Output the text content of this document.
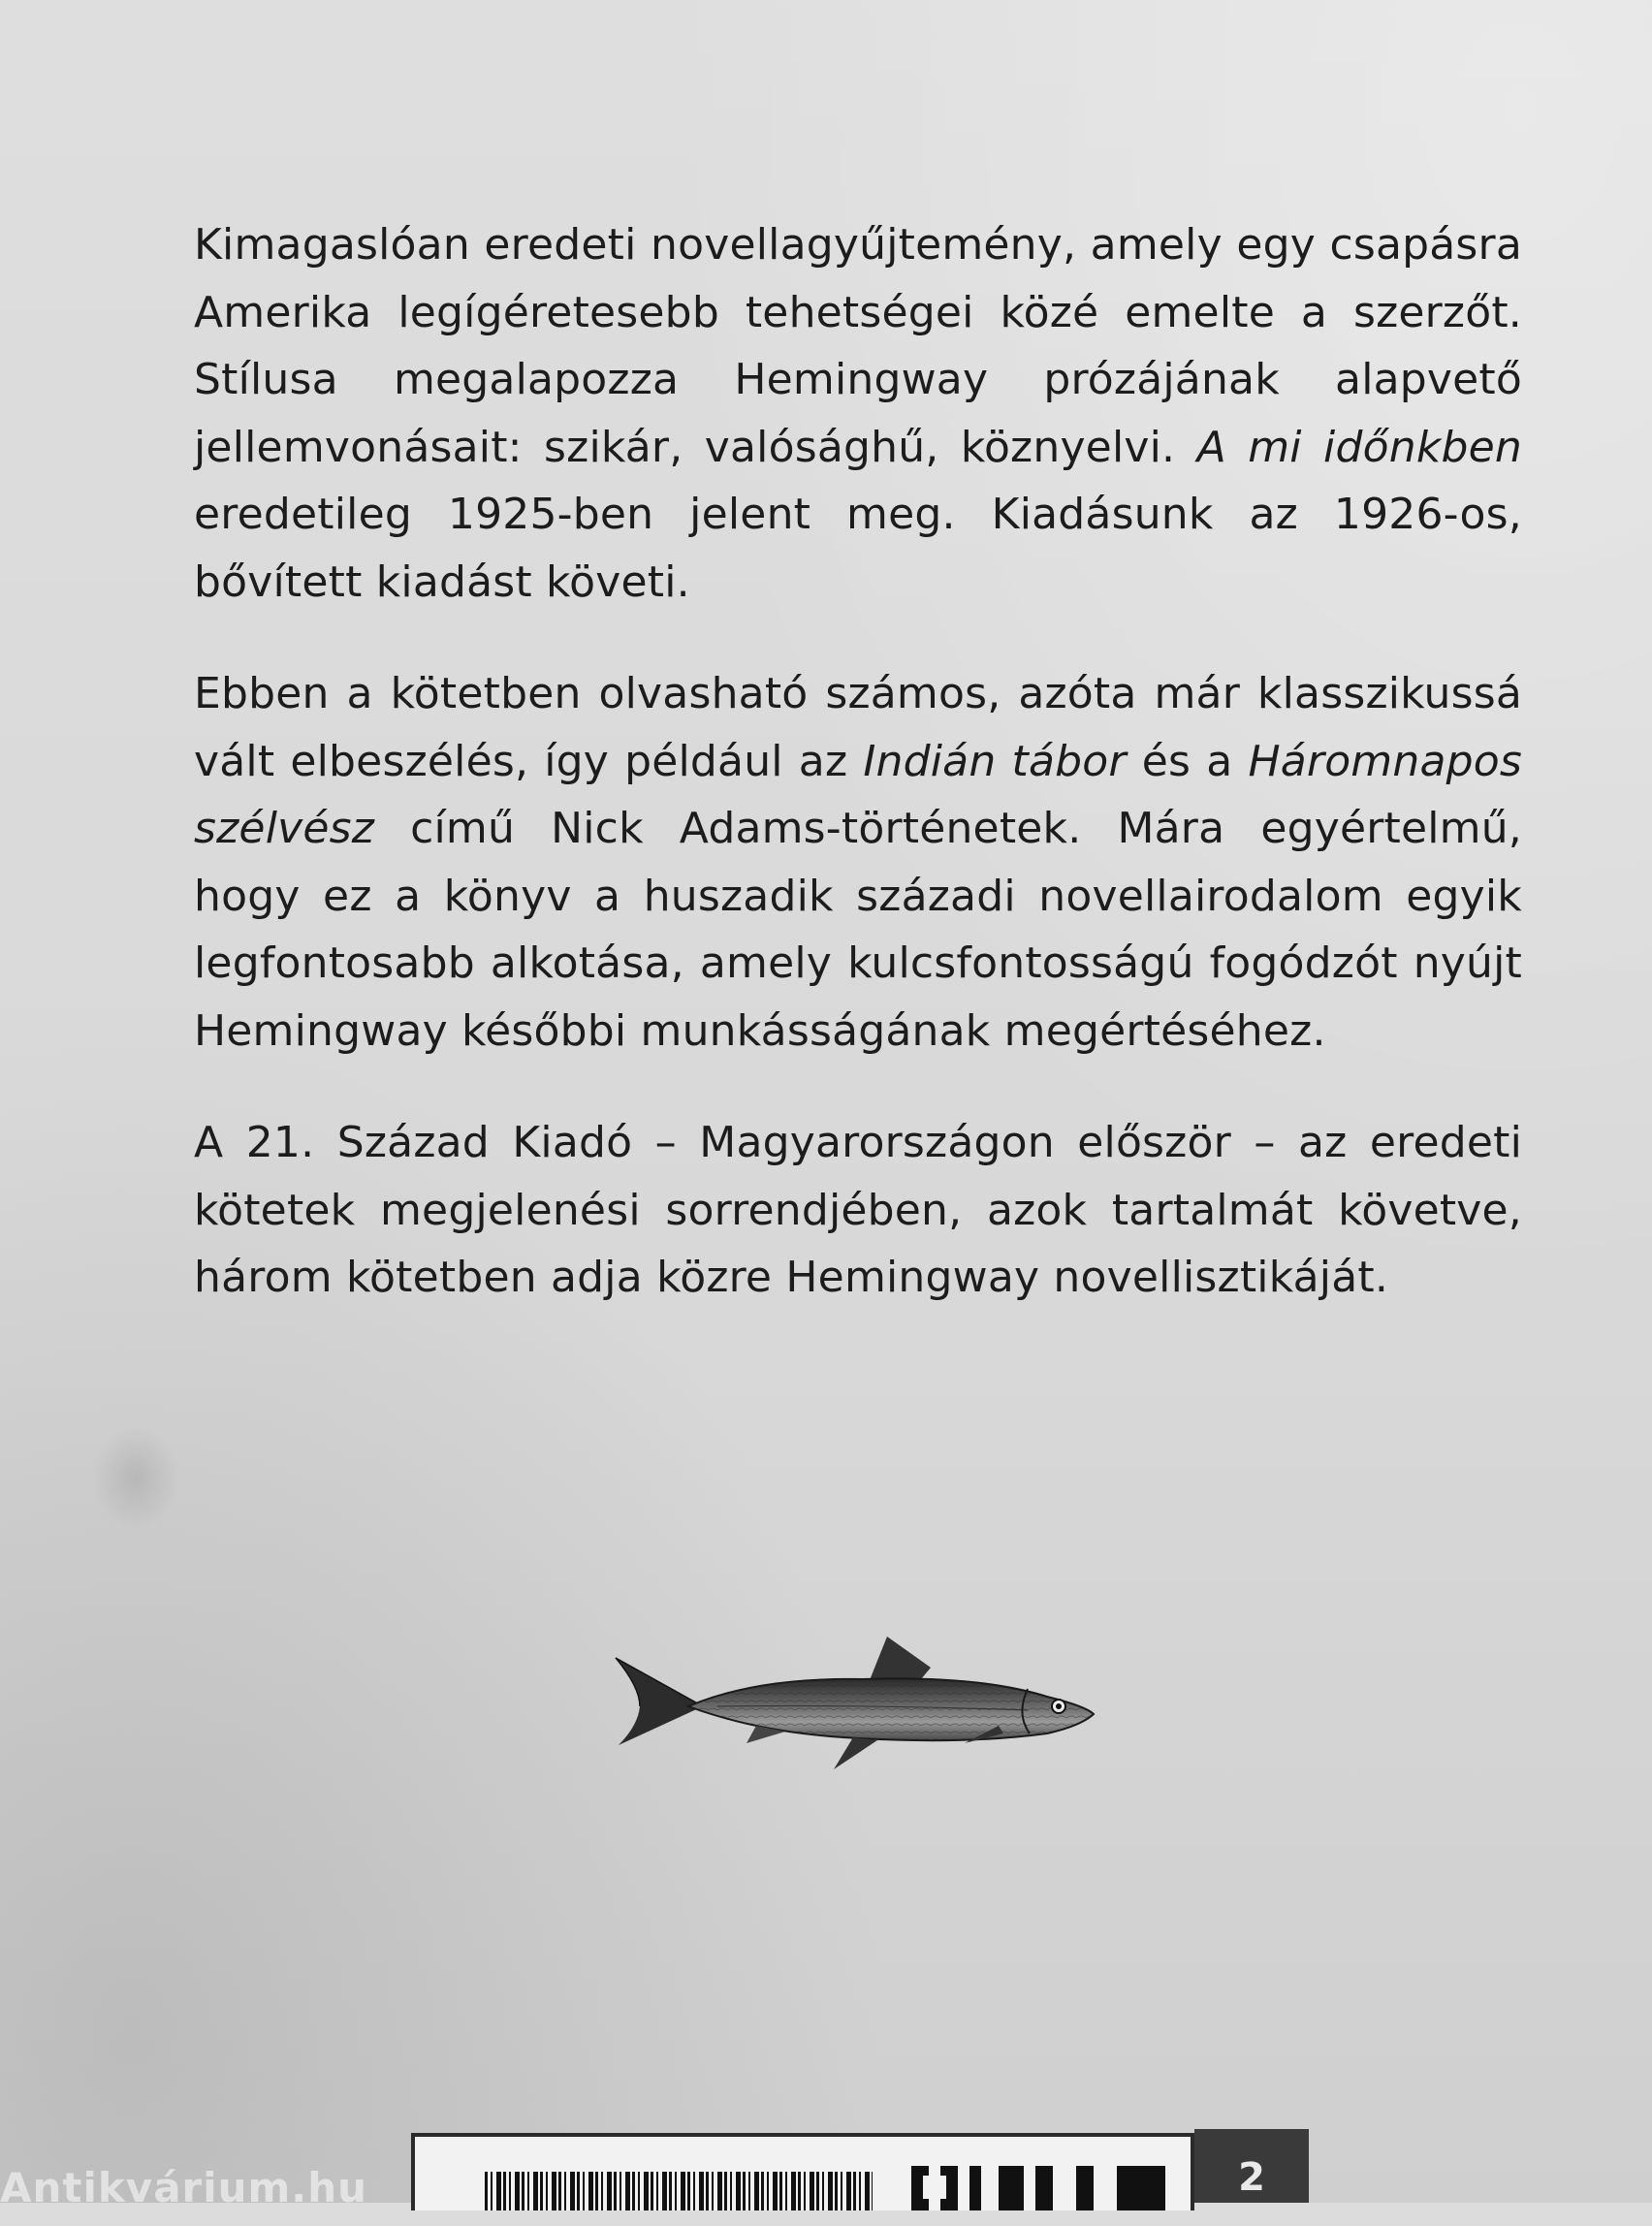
Kimagaslóan eredeti novellagyűjtemény, amely egy csapásra Amerika legígéretesebb tehetségei közé emelte a szerzőt. Stílusa megalapozza Hemingway prózájának alapvető jellemvonásait: szikár, valósághű, köznyelvi. A mi időnkben eredetileg 1925-ben jelent meg. Kiadásunk az 1926-os, bővített kiadást követi.

Ebben a kötetben olvasható számos, azóta már klasszikussá vált elbeszélés, így például az Indián tábor és a Háromnapos szélvész című Nick Adams-történetek. Mára egyértelmű, hogy ez a könyv a huszadik századi novellairodalom egyik legfontosabb alkotása, amely kulcsfontosságú fogódzót nyújt Hemingway későbbi munkásságának megértéséhez.

A 21. Század Kiadó – Magyarországon először – az eredeti kötetek megjelenési sorrendjében, azok tartalmát követve, három kötetben adja közre Hemingway novellisztikáját.

2
Antikvárium.hu
